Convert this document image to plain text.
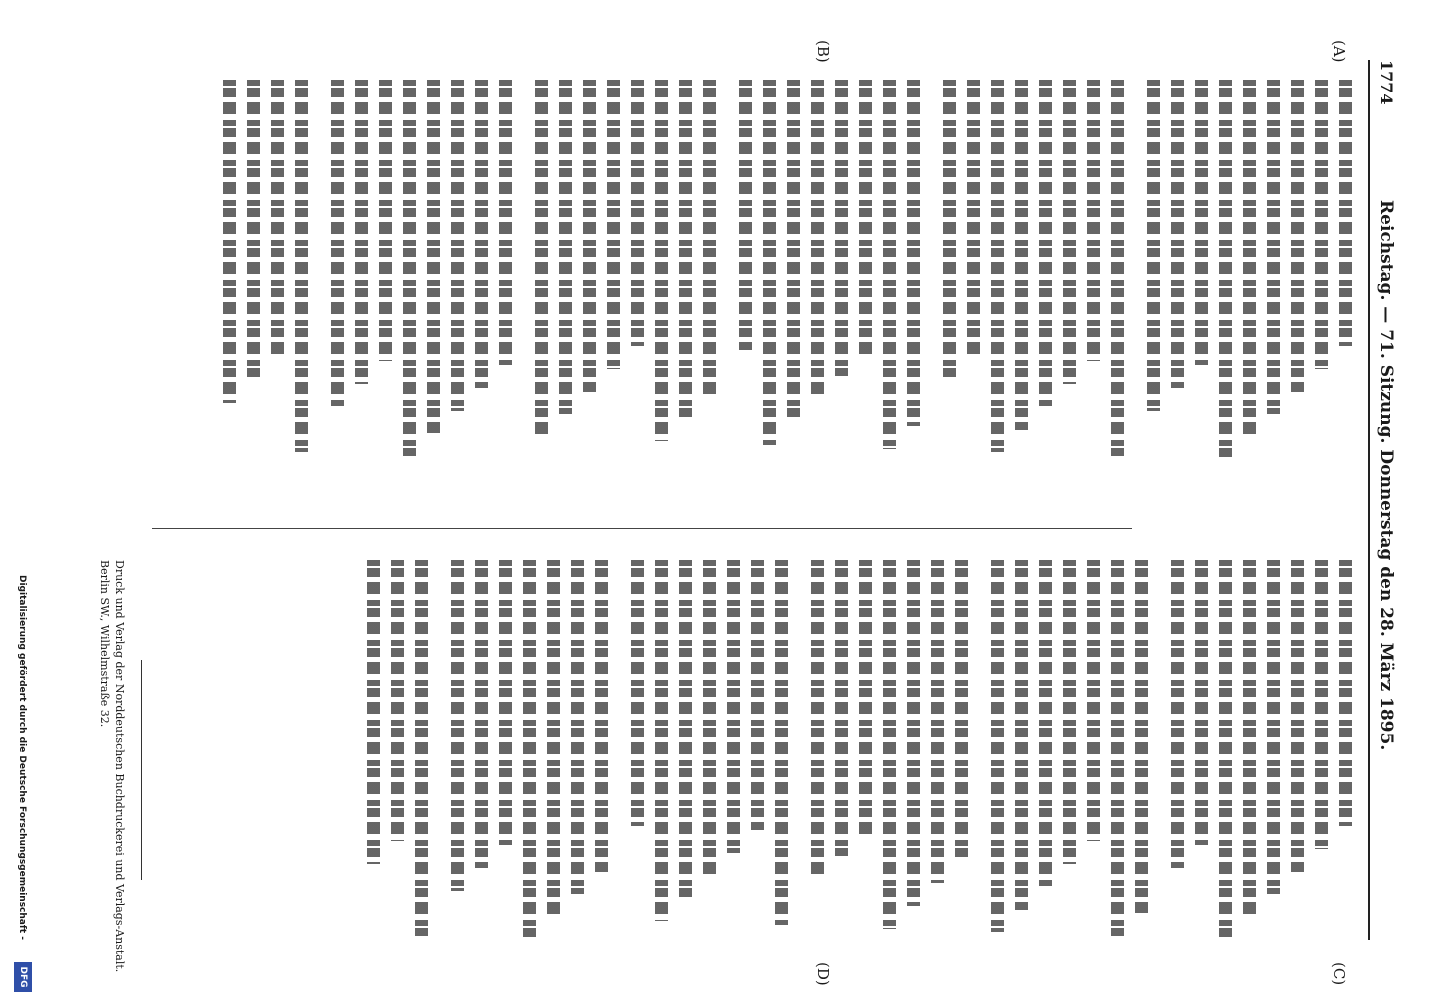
1774
Reichstag. — 71. Sitzung. Donnerstag den 28. März 1895.
(A)
(B)
(C)
(D)
Druck und Verlag der Norddeutschen Buchdruckerei und Verlags-Anstalt. Berlin SW., Wilhelmstraße 32.
Digitalisierung gefördert durch die Deutsche Forschungsgemeinschaft -
DFG
